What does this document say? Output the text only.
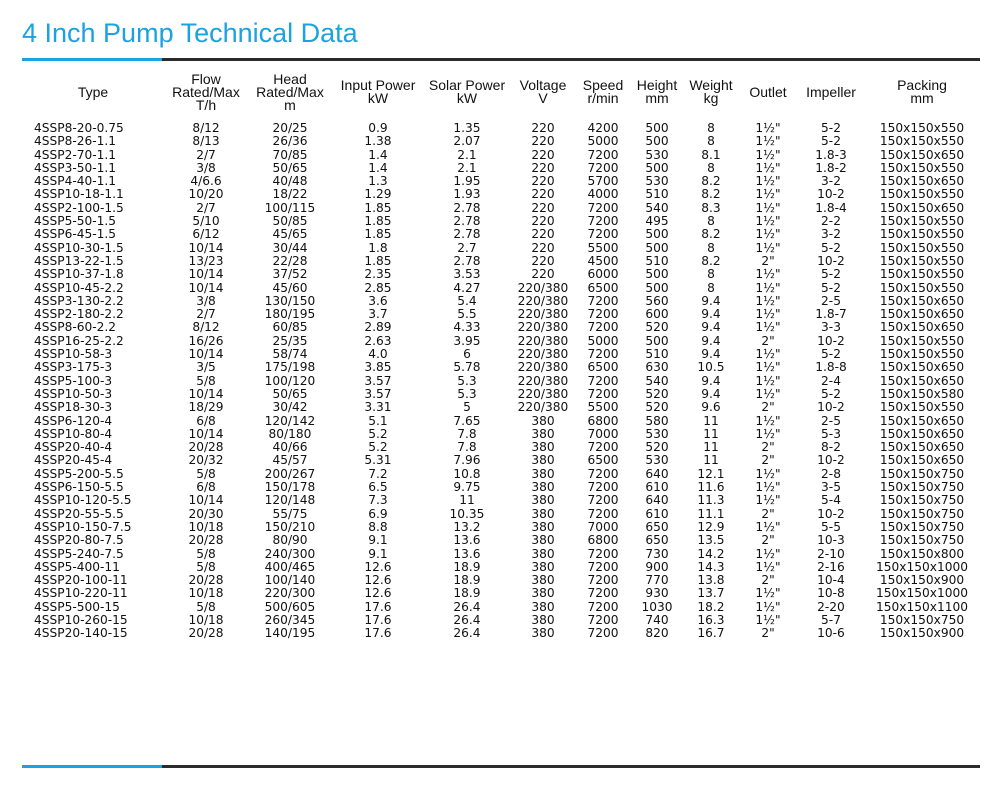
4 Inch Pump Technical Data
Type	Flow
Rated/Max
T/h	Head
Rated/Max
m	Input Power
kW	Solar Power
kW	Voltage
V	Speed
r/min	Height
mm	Weight
kg	Outlet	Impeller	Packing
mm

4SSP8-20-0.75	8/12	20/25	0.9	1.35	220	4200	500	8	1½"	5-2	150x150x550
4SSP8-26-1.1	8/13	26/36	1.38	2.07	220	5000	500	8	1½"	5-2	150x150x550
4SSP2-70-1.1	2/7	70/85	1.4	2.1	220	7200	530	8.1	1½"	1.8-3	150x150x650
4SSP3-50-1.1	3/8	50/65	1.4	2.1	220	7200	500	8	1½"	1.8-2	150x150x550
4SSP4-40-1.1	4/6.6	40/48	1.3	1.95	220	5700	530	8.2	1½"	3-2	150x150x650
4SSP10-18-1.1	10/20	18/22	1.29	1.93	220	4000	510	8.2	1½"	10-2	150x150x550
4SSP2-100-1.5	2/7	100/115	1.85	2.78	220	7200	540	8.3	1½"	1.8-4	150x150x650
4SSP5-50-1.5	5/10	50/85	1.85	2.78	220	7200	495	8	1½"	2-2	150x150x550
4SSP6-45-1.5	6/12	45/65	1.85	2.78	220	7200	500	8.2	1½"	3-2	150x150x550
4SSP10-30-1.5	10/14	30/44	1.8	2.7	220	5500	500	8	1½"	5-2	150x150x550
4SSP13-22-1.5	13/23	22/28	1.85	2.78	220	4500	510	8.2	2"	10-2	150x150x550
4SSP10-37-1.8	10/14	37/52	2.35	3.53	220	6000	500	8	1½"	5-2	150x150x550
4SSP10-45-2.2	10/14	45/60	2.85	4.27	220/380	6500	500	8	1½"	5-2	150x150x550
4SSP3-130-2.2	3/8	130/150	3.6	5.4	220/380	7200	560	9.4	1½"	2-5	150x150x650
4SSP2-180-2.2	2/7	180/195	3.7	5.5	220/380	7200	600	9.4	1½"	1.8-7	150x150x650
4SSP8-60-2.2	8/12	60/85	2.89	4.33	220/380	7200	520	9.4	1½"	3-3	150x150x650
4SSP16-25-2.2	16/26	25/35	2.63	3.95	220/380	5000	500	9.4	2"	10-2	150x150x550
4SSP10-58-3	10/14	58/74	4.0	6	220/380	7200	510	9.4	1½"	5-2	150x150x550
4SSP3-175-3	3/5	175/198	3.85	5.78	220/380	6500	630	10.5	1½"	1.8-8	150x150x650
4SSP5-100-3	5/8	100/120	3.57	5.3	220/380	7200	540	9.4	1½"	2-4	150x150x650
4SSP10-50-3	10/14	50/65	3.57	5.3	220/380	7200	520	9.4	1½"	5-2	150x150x580
4SSP18-30-3	18/29	30/42	3.31	5	220/380	5500	520	9.6	2"	10-2	150x150x550
4SSP6-120-4	6/8	120/142	5.1	7.65	380	6800	580	11	1½"	2-5	150x150x650
4SSP10-80-4	10/14	80/180	5.2	7.8	380	7000	530	11	1½"	5-3	150x150x650
4SSP20-40-4	20/28	40/66	5.2	7.8	380	7200	520	11	2"	8-2	150x150x650
4SSP20-45-4	20/32	45/57	5.31	7.96	380	6500	530	11	2"	10-2	150x150x650
4SSP5-200-5.5	5/8	200/267	7.2	10.8	380	7200	640	12.1	1½"	2-8	150x150x750
4SSP6-150-5.5	6/8	150/178	6.5	9.75	380	7200	610	11.6	1½"	3-5	150x150x750
4SSP10-120-5.5	10/14	120/148	7.3	11	380	7200	640	11.3	1½"	5-4	150x150x750
4SSP20-55-5.5	20/30	55/75	6.9	10.35	380	7200	610	11.1	2"	10-2	150x150x750
4SSP10-150-7.5	10/18	150/210	8.8	13.2	380	7000	650	12.9	1½"	5-5	150x150x750
4SSP20-80-7.5	20/28	80/90	9.1	13.6	380	6800	650	13.5	2"	10-3	150x150x750
4SSP5-240-7.5	5/8	240/300	9.1	13.6	380	7200	730	14.2	1½"	2-10	150x150x800
4SSP5-400-11	5/8	400/465	12.6	18.9	380	7200	900	14.3	1½"	2-16	150x150x1000
4SSP20-100-11	20/28	100/140	12.6	18.9	380	7200	770	13.8	2"	10-4	150x150x900
4SSP10-220-11	10/18	220/300	12.6	18.9	380	7200	930	13.7	1½"	10-8	150x150x1000
4SSP5-500-15	5/8	500/605	17.6	26.4	380	7200	1030	18.2	1½"	2-20	150x150x1100
4SSP10-260-15	10/18	260/345	17.6	26.4	380	7200	740	16.3	1½"	5-7	150x150x750
4SSP20-140-15	20/28	140/195	17.6	26.4	380	7200	820	16.7	2"	10-6	150x150x900
